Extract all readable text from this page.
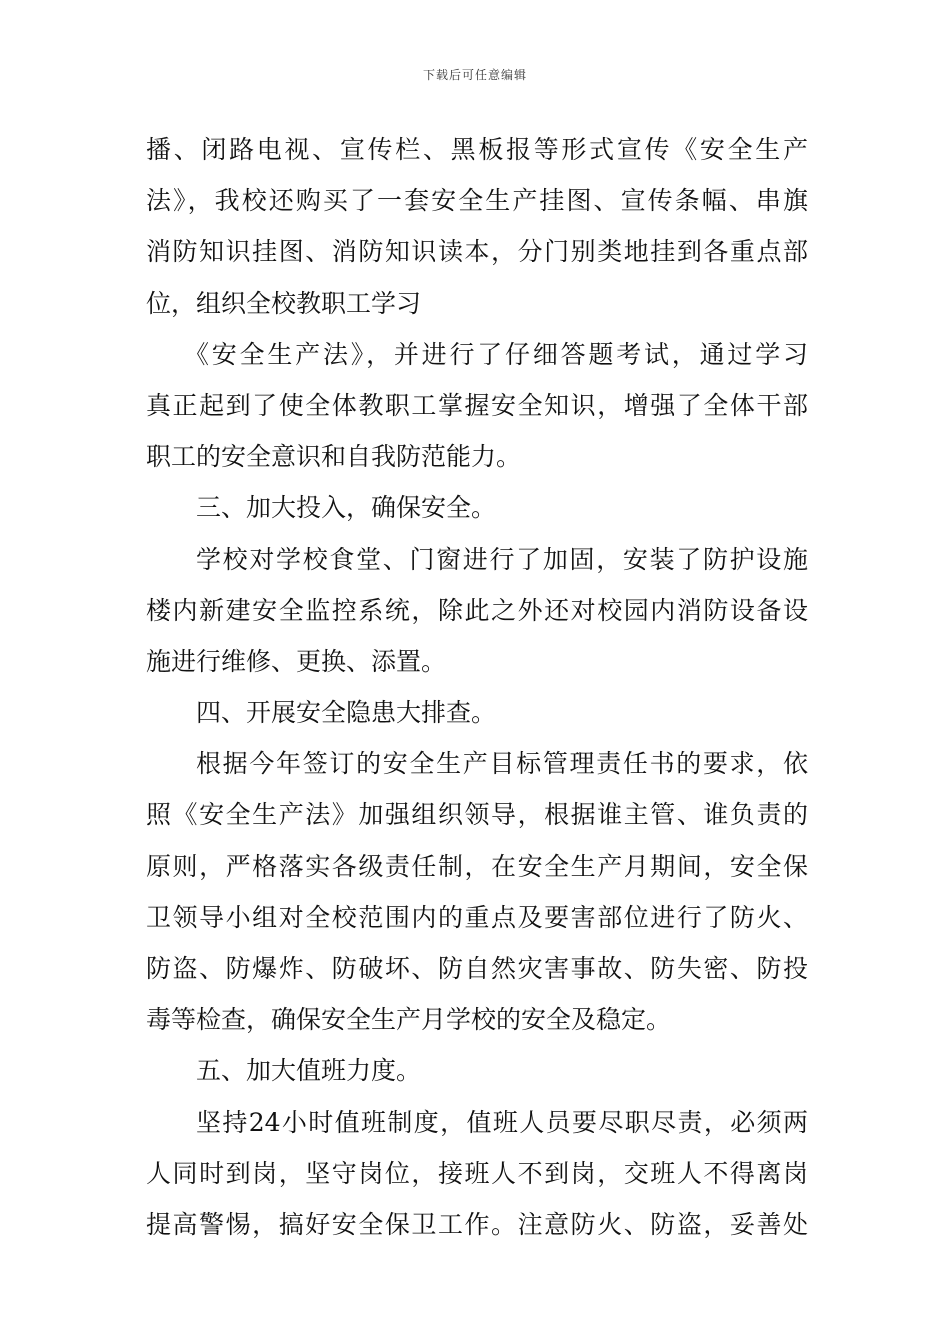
下载后可任意编辑
播、闭路电视、宣传栏、黑板报等形式宣传《安全生产
法》，我校还购买了一套安全生产挂图、宣传条幅、串旗
消防知识挂图、消防知识读本，分门别类地挂到各重点部
位，组织全校教职工学习
《安全生产法》，并进行了仔细答题考试，通过学习
真正起到了使全体教职工掌握安全知识，增强了全体干部
职工的安全意识和自我防范能力。
三、加大投入，确保安全。
学校对学校食堂、门窗进行了加固，安装了防护设施
楼内新建安全监控系统，除此之外还对校园内消防设备设
施进行维修、更换、添置。
四、开展安全隐患大排查。
根据今年签订的安全生产目标管理责任书的要求，依
照《安全生产法》加强组织领导，根据谁主管、谁负责的
原则，严格落实各级责任制，在安全生产月期间，安全保
卫领导小组对全校范围内的重点及要害部位进行了防火、
防盗、防爆炸、防破坏、防自然灾害事故、防失密、防投
毒等检查，确保安全生产月学校的安全及稳定。
五、加大值班力度。
坚持24小时值班制度，值班人员要尽职尽责，必须两
人同时到岗，坚守岗位，接班人不到岗，交班人不得离岗
提高警惕，搞好安全保卫工作。注意防火、防盗，妥善处
